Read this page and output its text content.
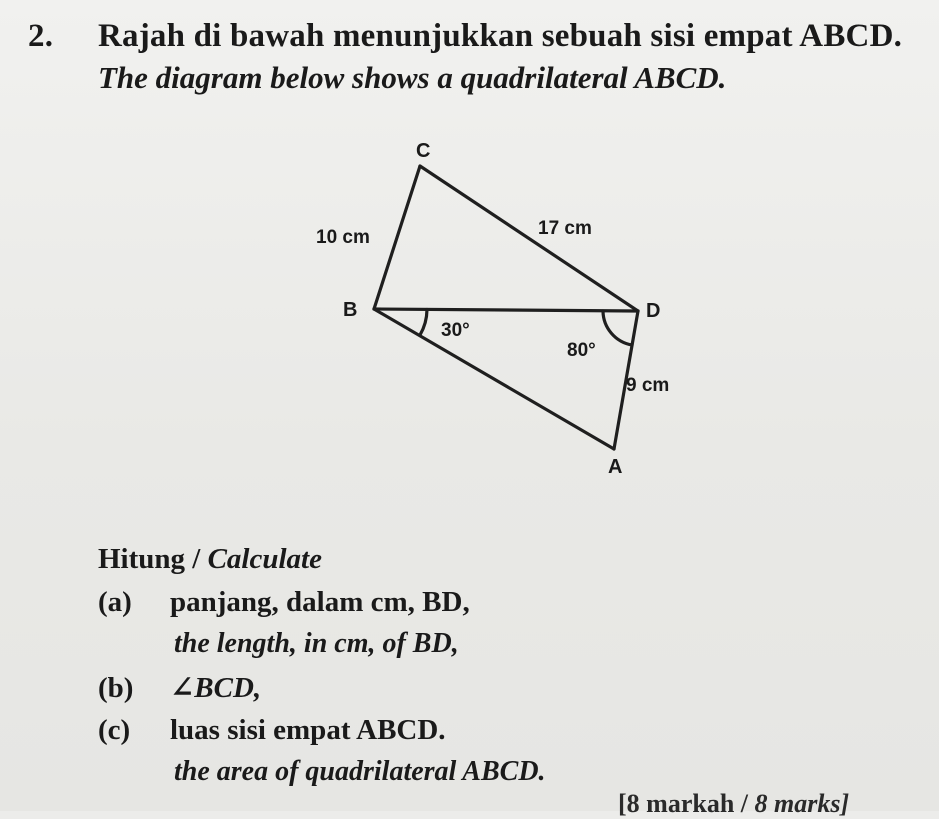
2. Rajah di bawah menunjukkan sebuah sisi empat ABCD.
The diagram below shows a quadrilateral ABCD.
C
B	D
A
10 cm	17 cm
9 cm
30°
80°
Hitung / Calculate
(a) panjang, dalam cm, BD,
the length, in cm, of BD,
(b) ∠BCD,
(c) luas sisi empat ABCD.
the area of quadrilateral ABCD.
[8 markah / 8 marks]
